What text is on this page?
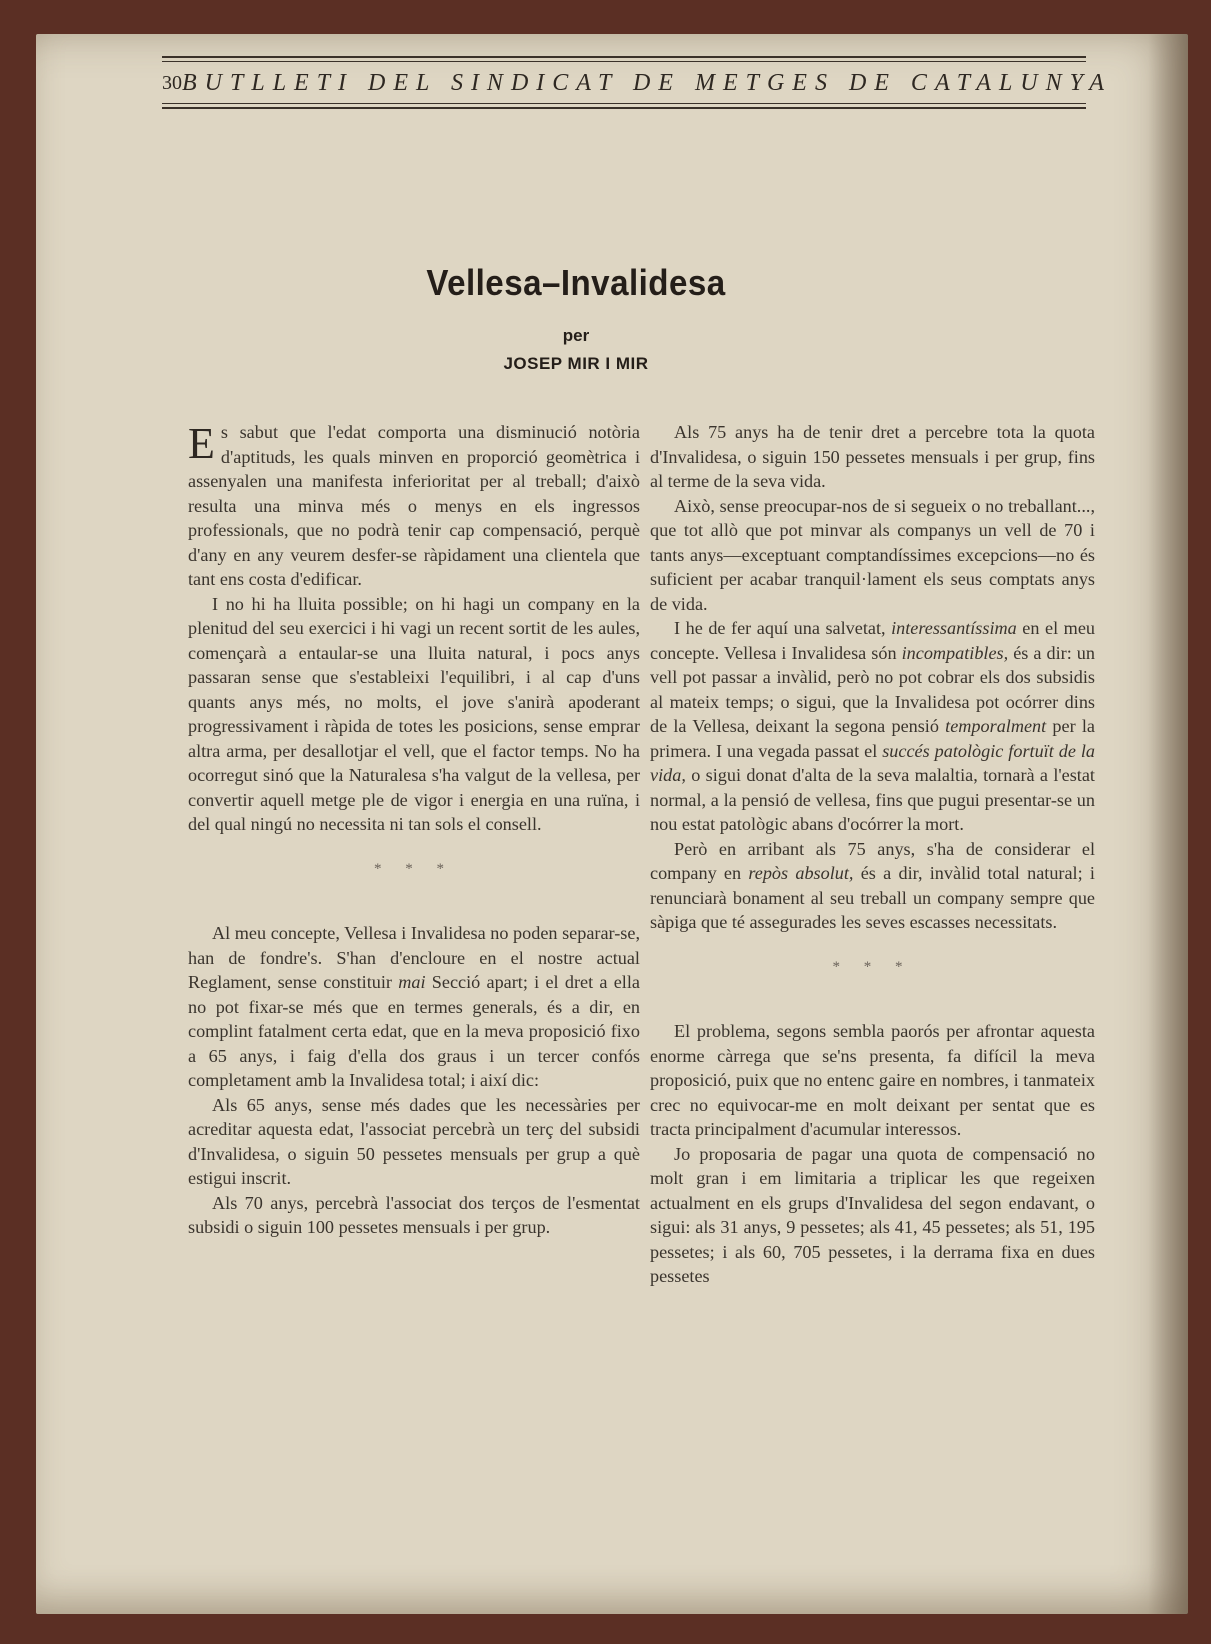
30 BUTLLETI DEL SINDICAT DE METGES DE CATALUNYA
Vellesa–Invalidesa
per
JOSEP MIR I MIR

Es sabut que l'edat comporta una disminució notòria d'aptituds, les quals minven en proporció geomètrica i assenyalen una manifesta inferioritat per al treball; d'això resulta una minva més o menys en els ingressos professionals, que no podrà tenir cap compensació, perquè d'any en any veurem desfer-se ràpidament una clientela que tant ens costa d'edificar.

I no hi ha lluita possible; on hi hagi un company en la plenitud del seu exercici i hi vagi un recent sortit de les aules, començarà a entaular-se una lluita natural, i pocs anys passaran sense que s'estableixi l'equilibri, i al cap d'uns quants anys més, no molts, el jove s'anirà apoderant progressivament i ràpida de totes les posicions, sense emprar altra arma, per desallotjar el vell, que el factor temps. No ha ocorregut sinó que la Naturalesa s'ha valgut de la vellesa, per convertir aquell metge ple de vigor i energia en una ruïna, i del qual ningú no necessita ni tan sols el consell.

* * *

Al meu concepte, Vellesa i Invalidesa no poden separar-se, han de fondre's. S'han d'encloure en el nostre actual Reglament, sense constituir mai Secció apart; i el dret a ella no pot fixar-se més que en termes generals, és a dir, en complint fatalment certa edat, que en la meva proposició fixo a 65 anys, i faig d'ella dos graus i un tercer confós completament amb la Invalidesa total; i així dic:

Als 65 anys, sense més dades que les necessàries per acreditar aquesta edat, l'associat percebrà un terç del subsidi d'Invalidesa, o siguin 50 pessetes mensuals per grup a què estigui inscrit.

Als 70 anys, percebrà l'associat dos terços de l'esmentat subsidi o siguin 100 pessetes mensuals i per grup.

Als 75 anys ha de tenir dret a percebre tota la quota d'Invalidesa, o siguin 150 pessetes mensuals i per grup, fins al terme de la seva vida.

Això, sense preocupar-nos de si segueix o no treballant..., que tot allò que pot minvar als companys un vell de 70 i tants anys—exceptuant comptandíssimes excepcions—no és suficient per acabar tranquil·lament els seus comptats anys de vida.

I he de fer aquí una salvetat, interessantíssima en el meu concepte. Vellesa i Invalidesa són incompatibles, és a dir: un vell pot passar a invàlid, però no pot cobrar els dos subsidis al mateix temps; o sigui, que la Invalidesa pot ocórrer dins de la Vellesa, deixant la segona pensió temporalment per la primera. I una vegada passat el succés patològic fortuït de la vida, o sigui donat d'alta de la seva malaltia, tornarà a l'estat normal, a la pensió de vellesa, fins que pugui presentar-se un nou estat patològic abans d'ocórrer la mort.

Però en arribant als 75 anys, s'ha de considerar el company en repòs absolut, és a dir, invàlid total natural; i renunciarà bonament al seu treball un company sempre que sàpiga que té assegurades les seves escasses necessitats.

* * *

El problema, segons sembla paorós per afrontar aquesta enorme càrrega que se'ns presenta, fa difícil la meva proposició, puix que no entenc gaire en nombres, i tanmateix crec no equivocar-me en molt deixant per sentat que es tracta principalment d'acumular interessos.

Jo proposaria de pagar una quota de compensació no molt gran i em limitaria a triplicar les que regeixen actualment en els grups d'Invalidesa del segon endavant, o sigui: als 31 anys, 9 pessetes; als 41, 45 pessetes; als 51, 195 pessetes; i als 60, 705 pessetes, i la derrama fixa en dues pessetes
